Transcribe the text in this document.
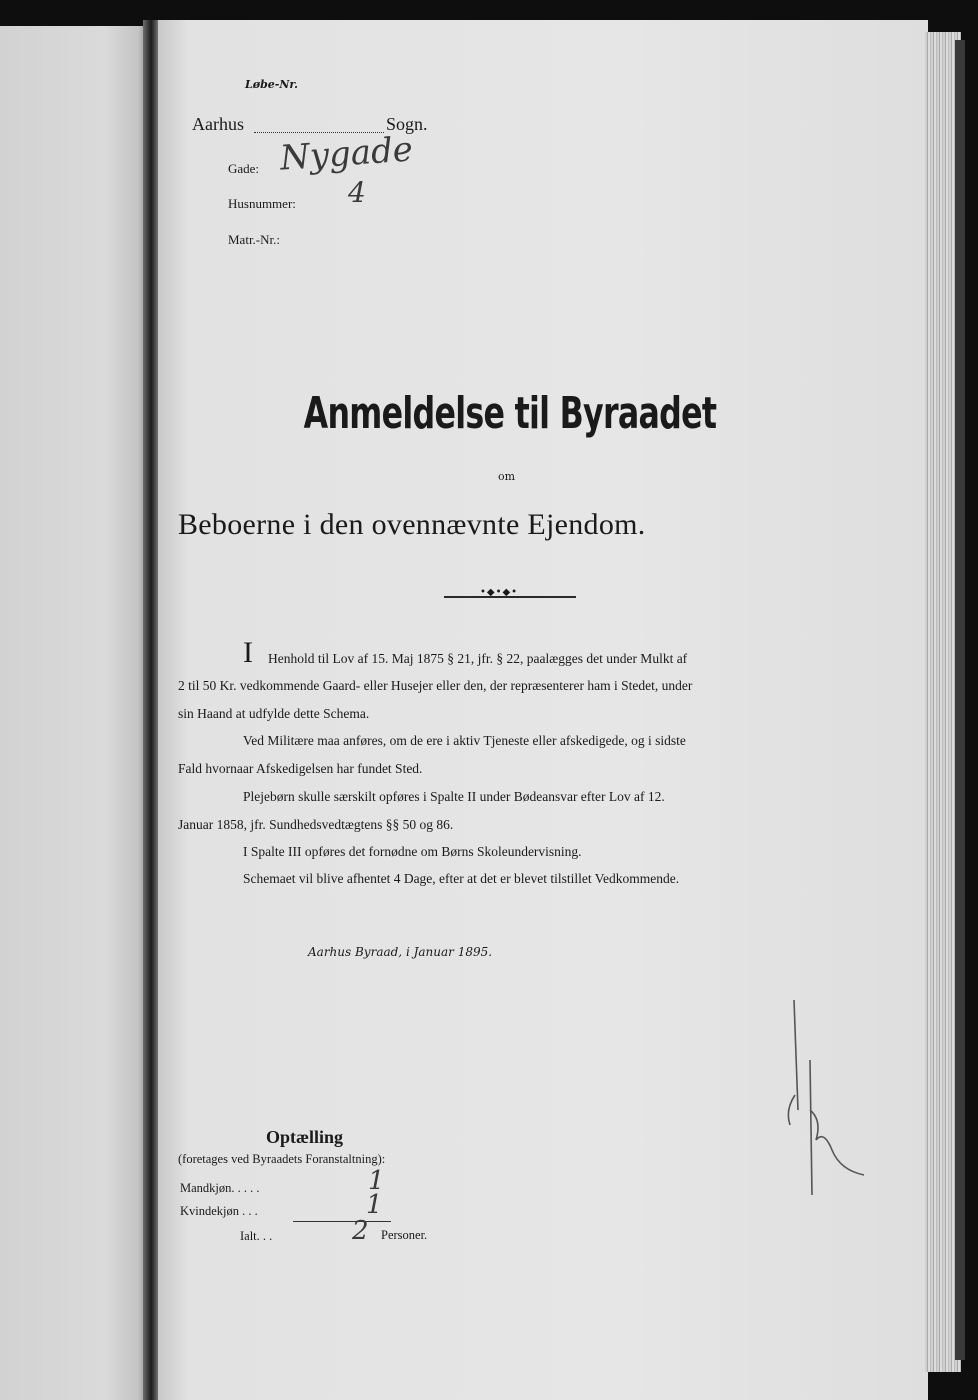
Løbe-Nr.
Aarhus	Sogn.
Gade: Nygade
Husnummer: 4
Matr.-Nr.:
Anmeldelse til Byraadet
om
Beboerne i den ovennævnte Ejendom.
•◆•◆•
I Henhold til Lov af 15. Maj 1875 § 21, jfr. § 22, paalægges det under Mulkt af
2 til 50 Kr. vedkommende Gaard- eller Husejer eller den, der repræsenterer ham i Stedet, under
sin Haand at udfylde dette Schema.
Ved Militære maa anføres, om de ere i aktiv Tjeneste eller afskedigede, og i sidste
Fald hvornaar Afskedigelsen har fundet Sted.
Plejebørn skulle særskilt opføres i Spalte II under Bødeansvar efter Lov af 12.
Januar 1858, jfr. Sundhedsvedtægtens §§ 50 og 86.
I Spalte III opføres det fornødne om Børns Skoleundervisning.
Schemaet vil blive afhentet 4 Dage, efter at det er blevet tilstillet Vedkommende.
Aarhus Byraad, i Januar 1895.
Optælling
(foretages ved Byraadets Foranstaltning):
Mandkjøn. . . . .	1
Kvindekjøn . . .	1
Ialt. . .	2 Personer.
